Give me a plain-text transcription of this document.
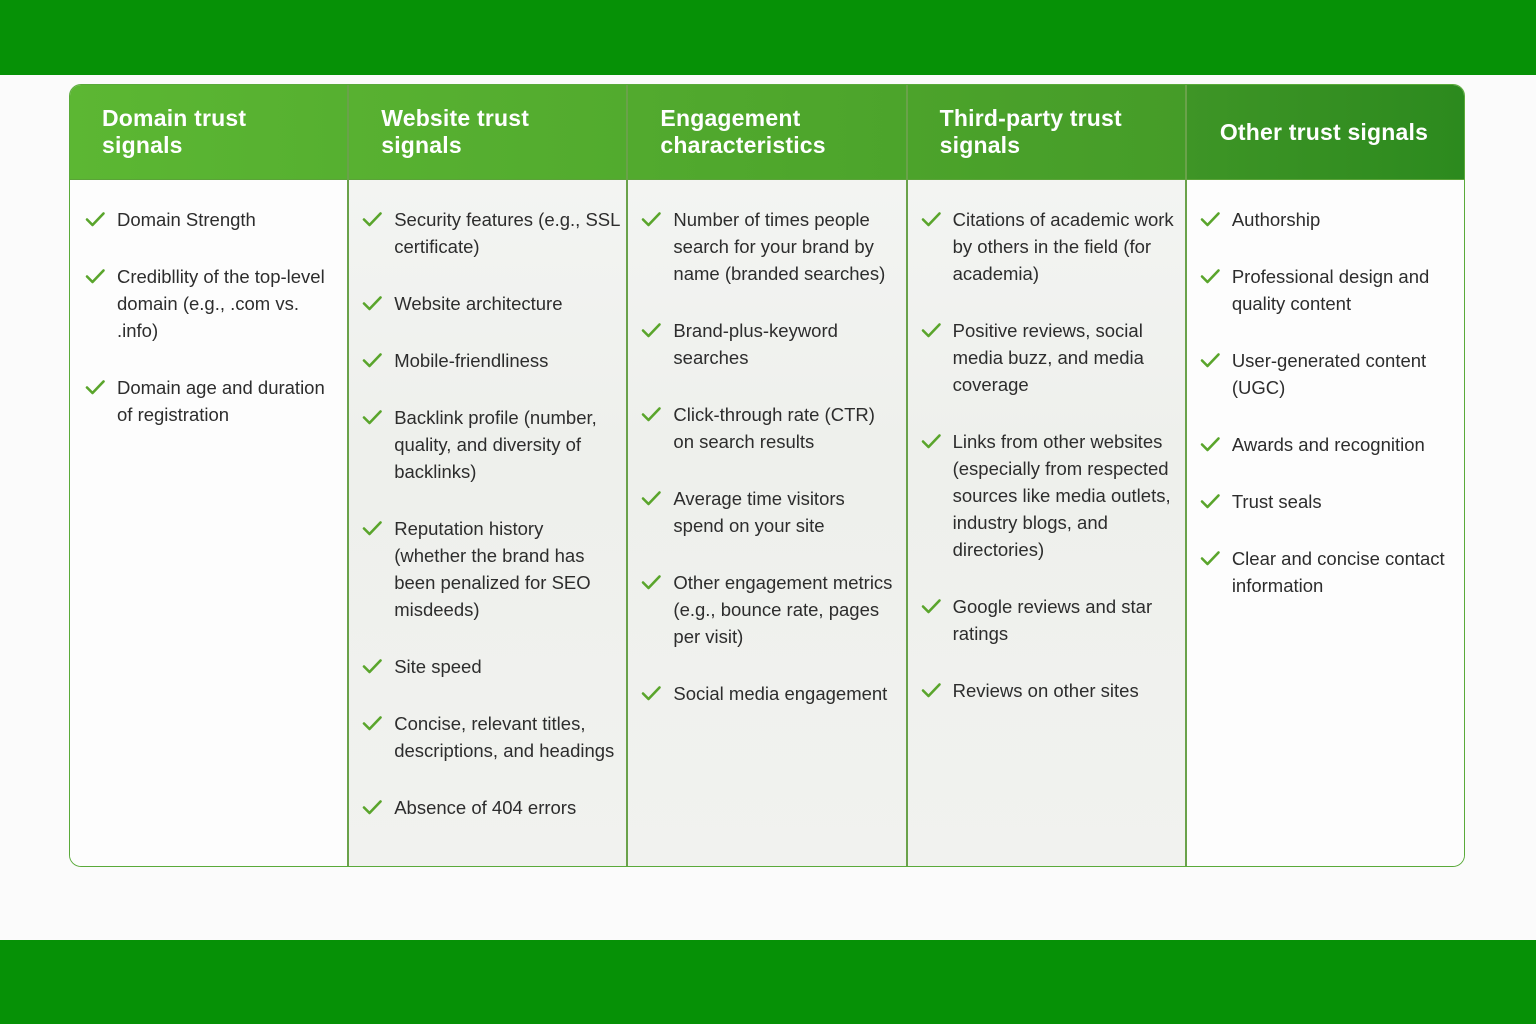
Domain trust signals
Domain Strength
Credibllity of the top-level domain (e.g., .com vs. .info)
Domain age and duration of registration
Website trust signals
Security features (e.g., SSL certificate)
Website architecture
Mobile-friendliness
Backlink profile (number, quality, and diversity of backlinks)
Reputation history (whether the brand has been penalized for SEO misdeeds)
Site speed
Concise, relevant titles, descriptions, and headings
Absence of 404 errors
Engagement characteristics
Number of times people search for your brand by name (branded searches)
Brand-plus-keyword searches
Click-through rate (CTR) on search results
Average time visitors spend on your site
Other engagement metrics (e.g., bounce rate, pages per visit)
Social media engagement
Third-party trust signals
Citations of academic work by others in the field (for academia)
Positive reviews, social media buzz, and media coverage
Links from other websites (especially from respected sources like media outlets, industry blogs, and directories)
Google reviews and star ratings
Reviews on other sites
Other trust signals
Authorship
Professional design and quality content
User-generated content (UGC)
Awards and recognition
Trust seals
Clear and concise contact information
